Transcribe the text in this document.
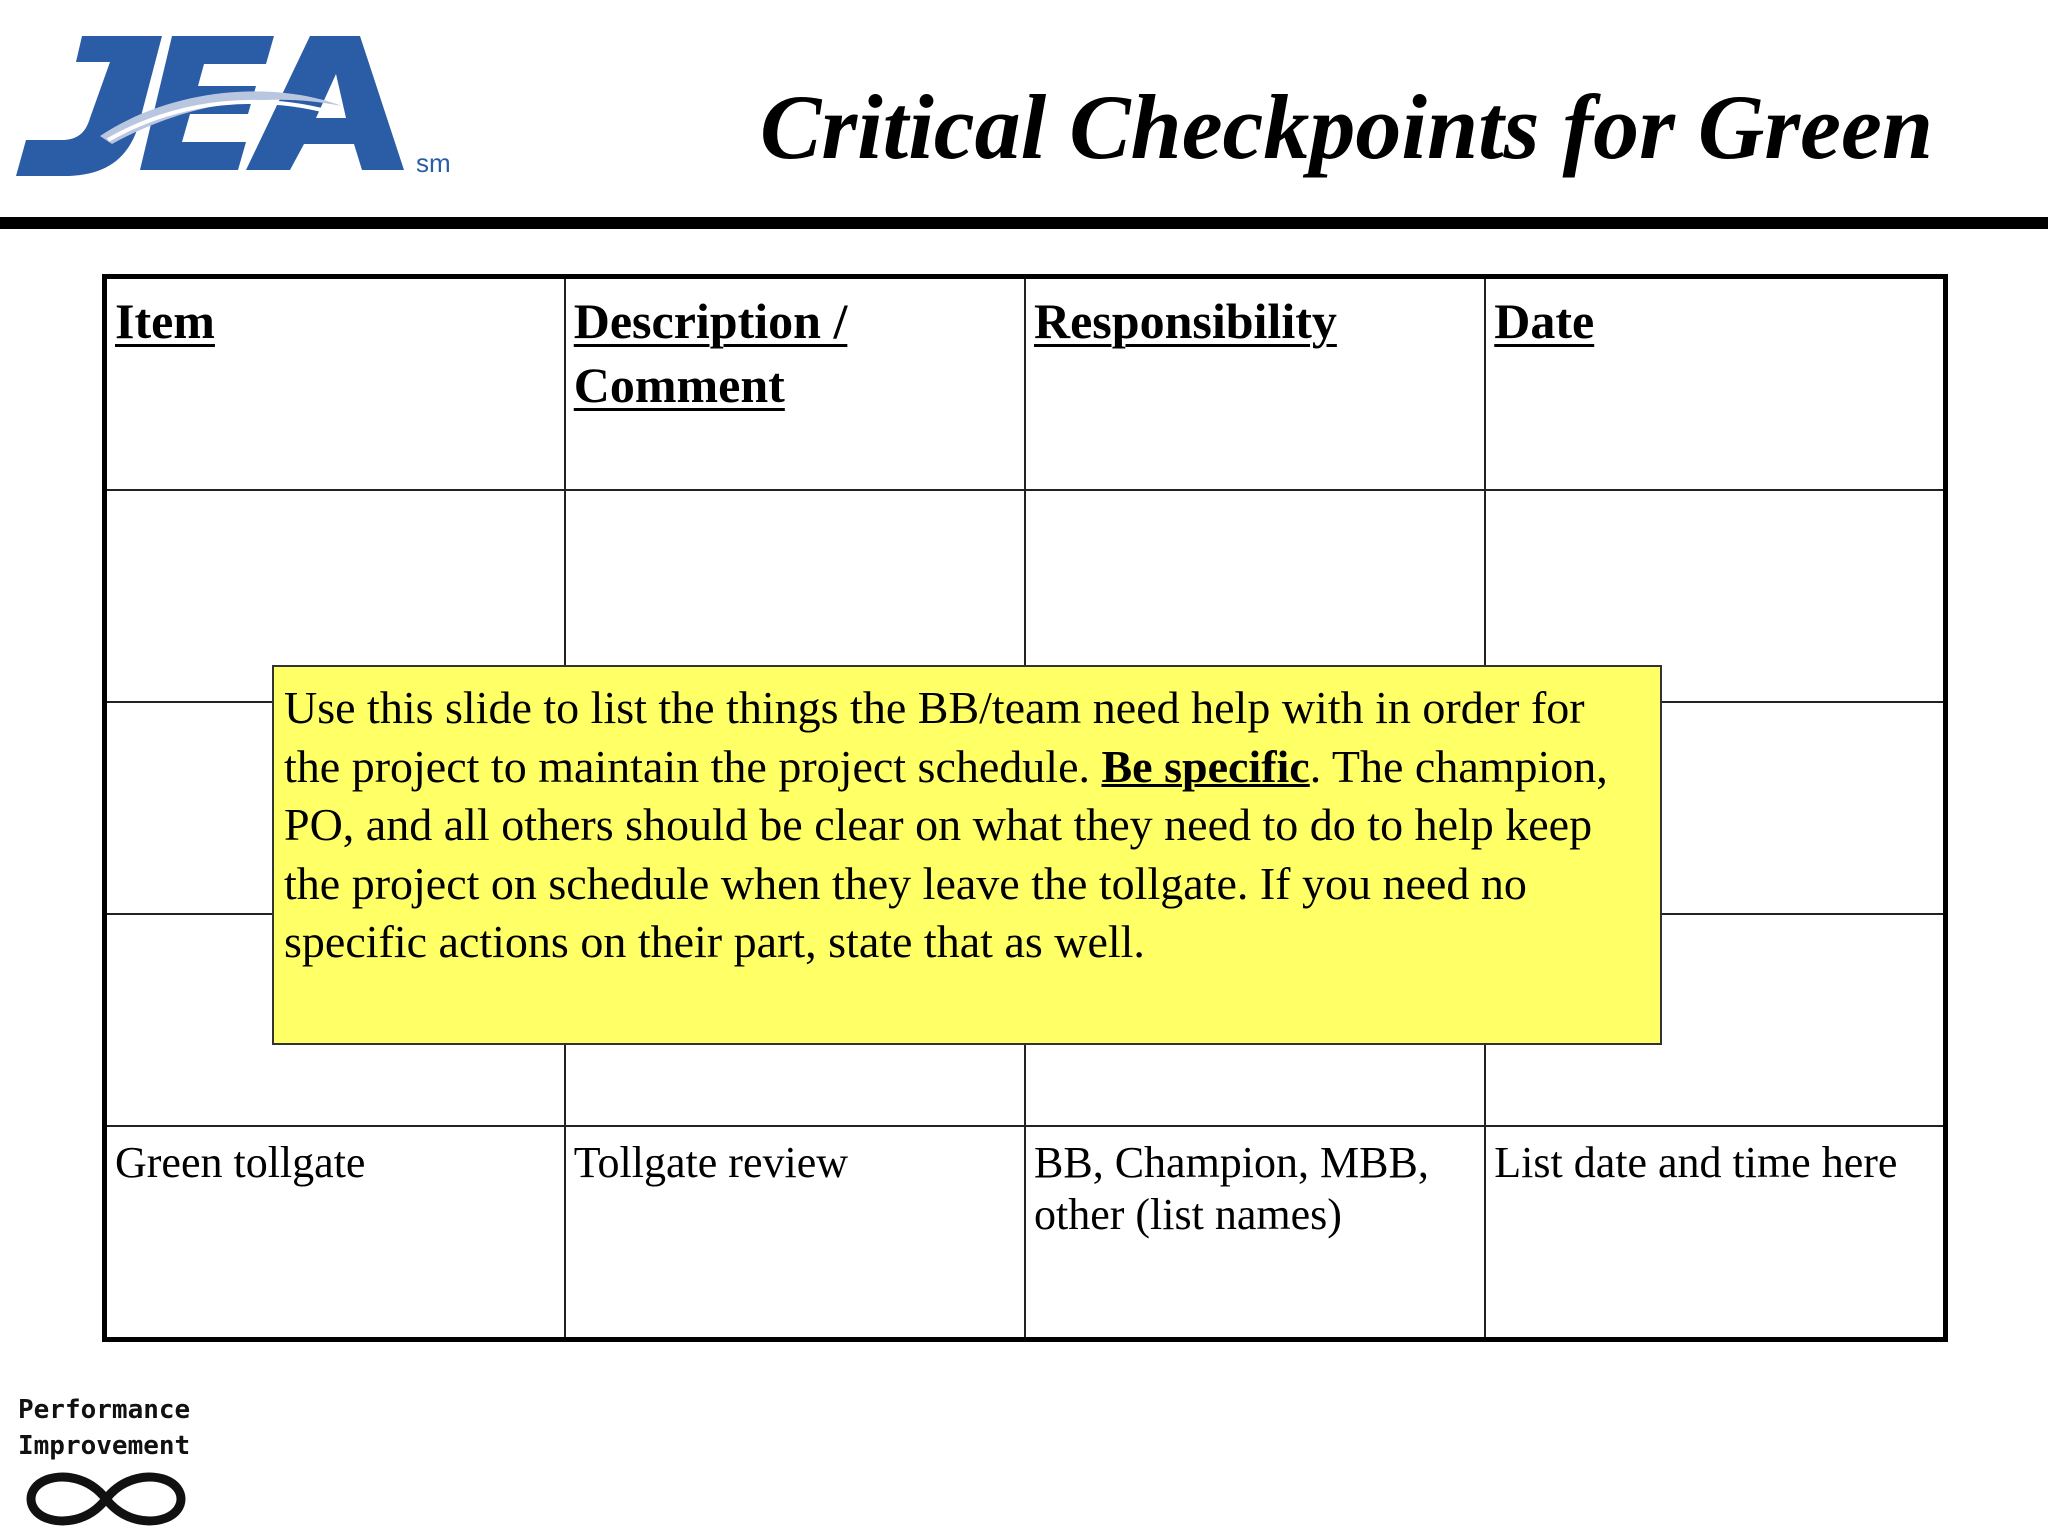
sm	Critical Checkpoints for Green
Item	Description / Comment	Responsibility	Date

Green tollgate	Tollgate review	BB, Champion, MBB, other (list names)	List date and time here
Use this slide to list the things the BB/team need help with in order for the project to maintain the project schedule. Be specific. The champion, PO, and all others should be clear on what they need to do to help keep the project on schedule when they leave the tollgate. If you need no specific actions on their part, state that as well.
Performance
Improvement
